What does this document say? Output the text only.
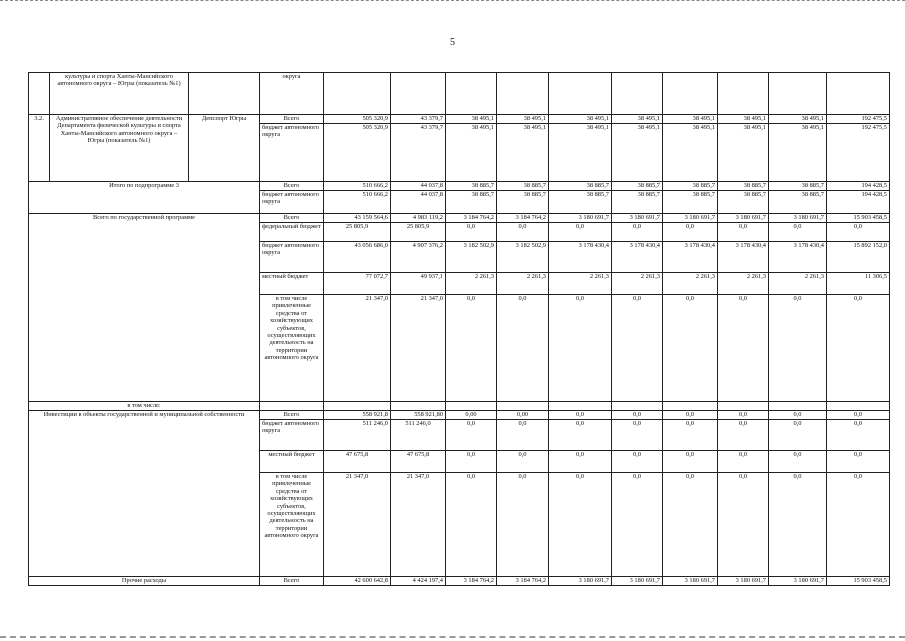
5
	культуры и спорта Ханты-Мансийского автономного округа – Югры (показатель №1)		округа										
3.2.	Административное обеспечение деятельности Департамента физической культуры и спорта Ханты-Мансийского автономного округа – Югры (показатель №1)	Депспорт Югры	Всего	505 320,9	43 379,7	38 495,1	38 495,1	38 495,1	38 495,1	38 495,1	38 495,1	38 495,1	192 475,5
			бюджет автономного округа	505 320,9	43 379,7	38 495,1	38 495,1	38 495,1	38 495,1	38 495,1	38 495,1	38 495,1	192 475,5
Итого по подпрограмме 3			Всего	510 666,2	44 037,8	38 885,7	38 885,7	38 885,7	38 885,7	38 885,7	38 885,7	38 885,7	194 428,5
			бюджет автономного округа	510 666,2	44 037,8	38 885,7	38 885,7	38 885,7	38 885,7	38 885,7	38 885,7	38 885,7	194 428,5
Всего по государственной программе			Всего	43 159 564,6	4 983 119,2	3 184 764,2	3 184 764,2	3 180 691,7	3 180 691,7	3 180 691,7	3 180 691,7	3 180 691,7	15 903 458,5
			федеральный бюджет	25 805,9	25 805,9	0,0	0,0	0,0	0,0	0,0	0,0	0,0	0,0
			бюджет автономного округа	43 056 686,0	4 907 376,2	3 182 502,9	3 182 502,9	3 178 430,4	3 178 430,4	3 178 430,4	3 178 430,4	3 178 430,4	15 892 152,0
			местный бюджет	77 072,7	49 937,1	2 261,3	2 261,3	2 261,3	2 261,3	2 261,3	2 261,3	2 261,3	11 306,5
			в том числе привлеченные средства от хозяйствующих субъектов, осуществляющих деятельность на территории автономного округа	21 347,0	21 347,0	0,0	0,0	0,0	0,0	0,0	0,0	0,0	0,0
в том числе:													
Инвестиции в объекты государственной и муниципальной собственности			Всего	558 921,8	558 921,80	0,00	0,00	0,0	0,0	0,0	0,0	0,0	0,0
			бюджет автономного округа	511 246,0	511 246,0	0,0	0,0	0,0	0,0	0,0	0,0	0,0	0,0
			местный бюджет	47 675,8	47 675,8	0,0	0,0	0,0	0,0	0,0	0,0	0,0	0,0
			в том числе привлеченные средства от хозяйствующих субъектов, осуществляющих деятельность на территории автономного округа	21 347,0	21 347,0	0,0	0,0	0,0	0,0	0,0	0,0	0,0	0,0
Прочие расходы			Всего	42 600 642,8	4 424 197,4	3 184 764,2	3 184 764,2	3 180 691,7	3 180 691,7	3 180 691,7	3 180 691,7	3 180 691,7	15 903 458,5
